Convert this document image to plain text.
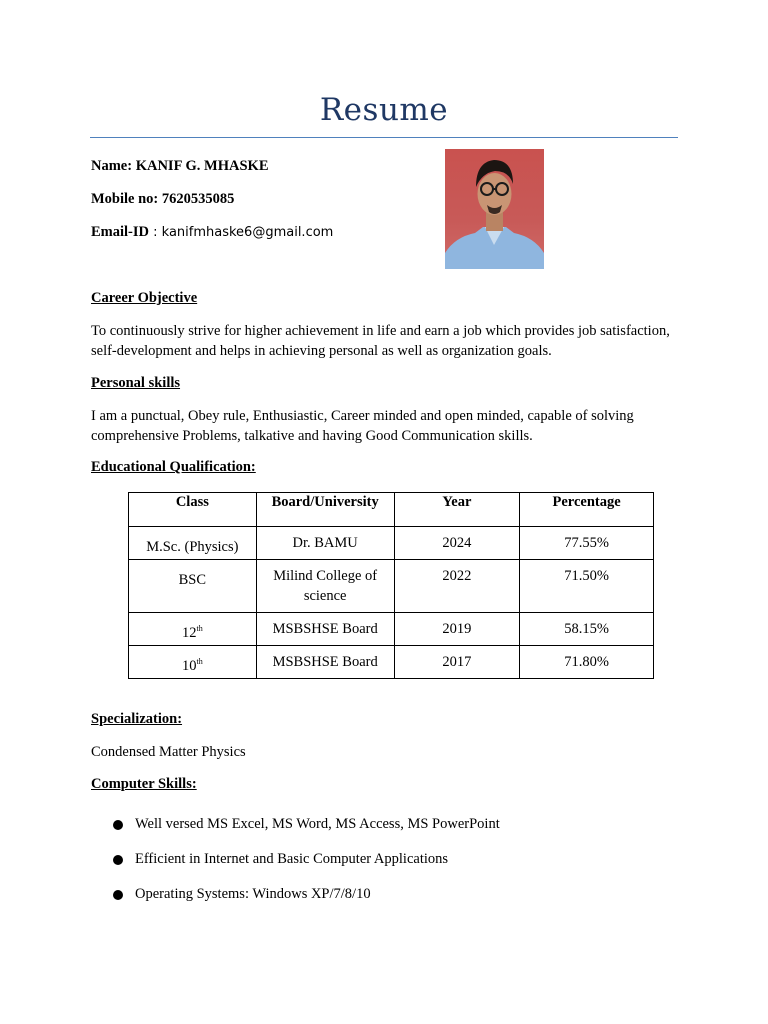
Resume
Name: KANIF G. MHASKE
Mobile no: 7620535085
Email-ID : kanifmhaske6@gmail.com
Career Objective
To continuously strive for higher achievement in life and earn a job which provides job satisfaction,
self-development and helps in achieving personal as well as organization goals.
Personal skills
I am a punctual, Obey rule, Enthusiastic, Career minded and open minded, capable of solving
comprehensive Problems, talkative and having Good Communication skills.
Educational Qualification:
Class	Board/University	Year	Percentage
M.Sc. (Physics)	Dr. BAMU	2024	77.55%
BSC	Milind College of science	2022	71.50%
12th	MSBSHSE Board	2019	58.15%
10th	MSBSHSE Board	2017	71.80%
Specialization:
Condensed Matter Physics
Computer Skills:
Well versed MS Excel, MS Word, MS Access, MS PowerPoint
Efficient in Internet and Basic Computer Applications
Operating Systems: Windows XP/7/8/10
